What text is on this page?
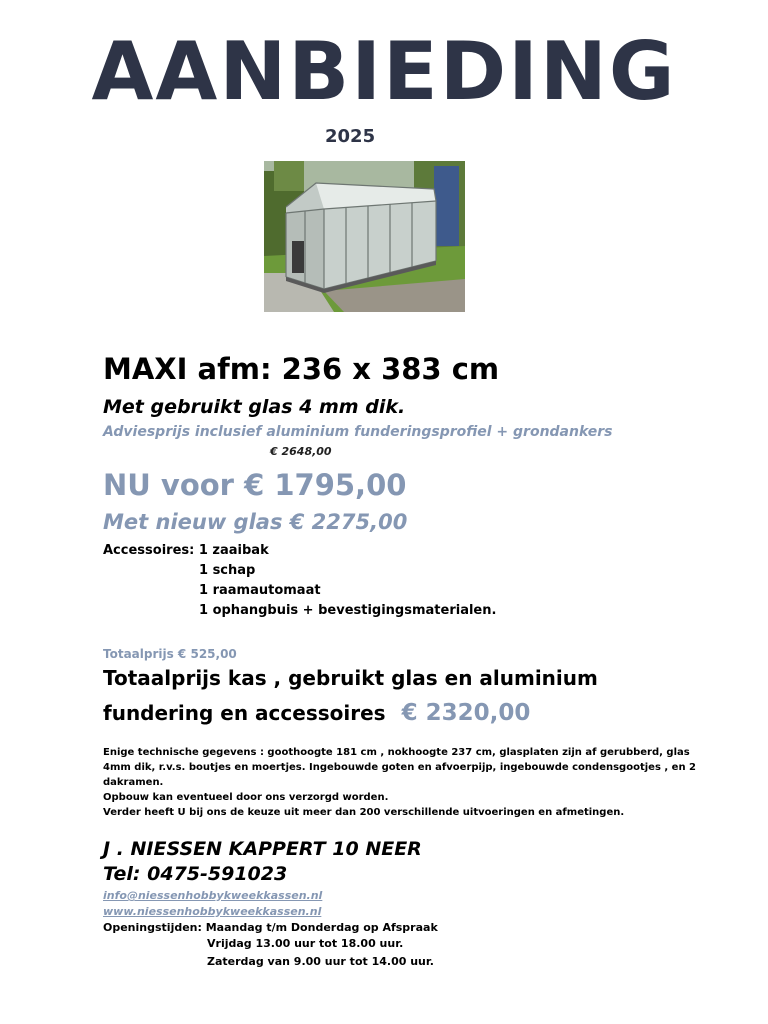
AANBIEDING
2025
MAXI afm: 236 x 383 cm
Met gebruikt glas 4 mm dik.
Adviesprijs inclusief aluminium funderingsprofiel + grondankers
€ 2648,00
NU voor € 1795,00
Met nieuw glas € 2275,00
Accessoires: 1 zaaibak
1 schap
1 raamautomaat
1 ophangbuis + bevestigingsmaterialen.
Totaalprijs € 525,00
Totaalprijs kas , gebruikt glas en aluminium
fundering en accessoires € 2320,00

Enige technische gegevens : goothoogte 181 cm , nokhoogte 237 cm, glasplaten zijn af gerubberd, glas 4mm dik, r.v.s. boutjes en moertjes. Ingebouwde goten en afvoerpijp, ingebouwde condensgootjes , en 2 dakramen.

Opbouw kan eventueel door ons verzorgd worden.

Verder heeft U bij ons de keuze uit meer dan 200 verschillende uitvoeringen en afmetingen.

J . NIESSEN KAPPERT 10 NEER
Tel: 0475-591023
info@niessenhobbykweekkassen.nl
www.niessenhobbykweekkassen.nl
Openingstijden: Maandag t/m Donderdag op Afspraak
Vrijdag 13.00 uur tot 18.00 uur.
Zaterdag van 9.00 uur tot 14.00 uur.
